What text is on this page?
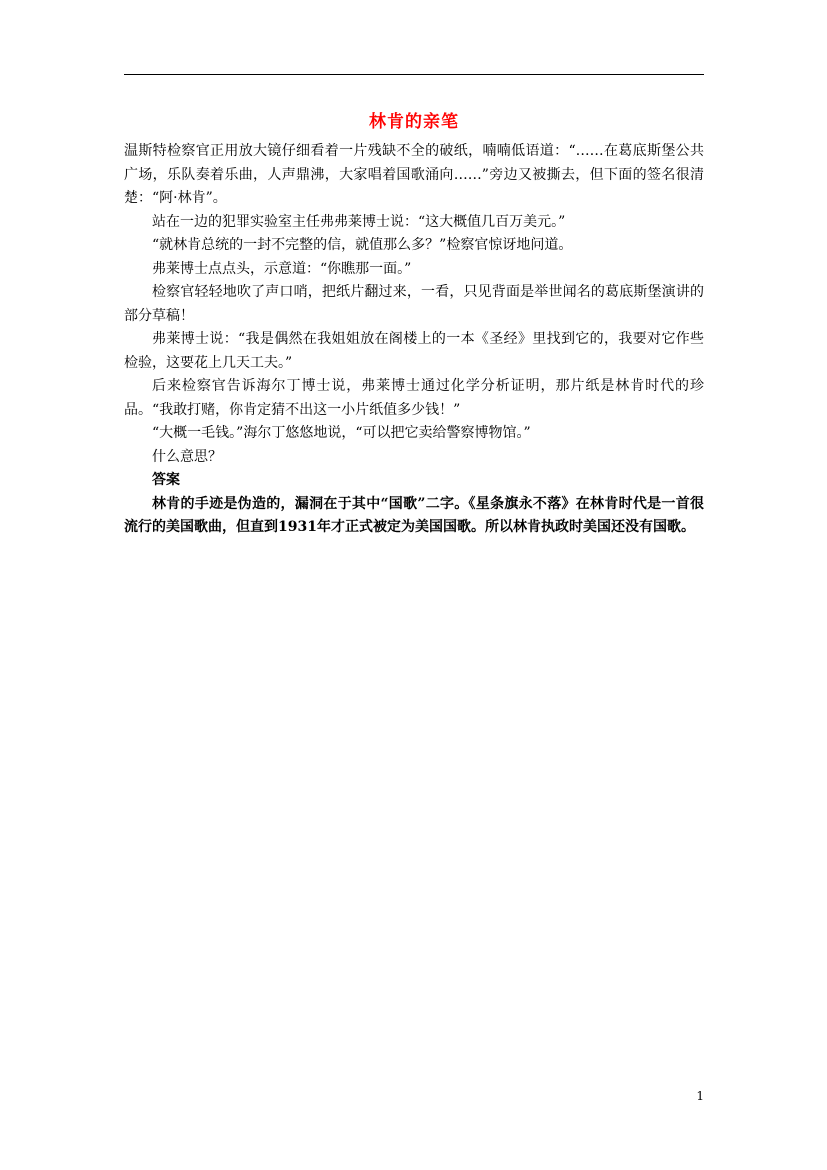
林肯的亲笔

温斯特检察官正用放大镜仔细看着一片残缺不全的破纸，喃喃低语道：“……在葛底斯堡公共广场，乐队奏着乐曲，人声鼎沸，大家唱着国歌涌向……”旁边又被撕去，但下面的签名很清楚：“阿·林肯”。

站在一边的犯罪实验室主任弗弗莱博士说：“这大概值几百万美元。”

“就林肯总统的一封不完整的信，就值那么多？”检察官惊讶地问道。

弗莱博士点点头，示意道：“你瞧那一面。”

检察官轻轻地吹了声口哨，把纸片翻过来，一看，只见背面是举世闻名的葛底斯堡演讲的部分草稿！

弗莱博士说：“我是偶然在我姐姐放在阁楼上的一本《圣经》里找到它的，我要对它作些检验，这要花上几天工夫。”

后来检察官告诉海尔丁博士说，弗莱博士通过化学分析证明，那片纸是林肯时代的珍品。“我敢打赌，你肯定猜不出这一小片纸值多少钱！”

“大概一毛钱。”海尔丁悠悠地说，“可以把它卖给警察博物馆。”

什么意思？

答案

林肯的手迹是伪造的，漏洞在于其中“国歌”二字。《星条旗永不落》在林肯时代是一首很流行的美国歌曲，但直到1931年才正式被定为美国国歌。所以林肯执政时美国还没有国歌。

1
